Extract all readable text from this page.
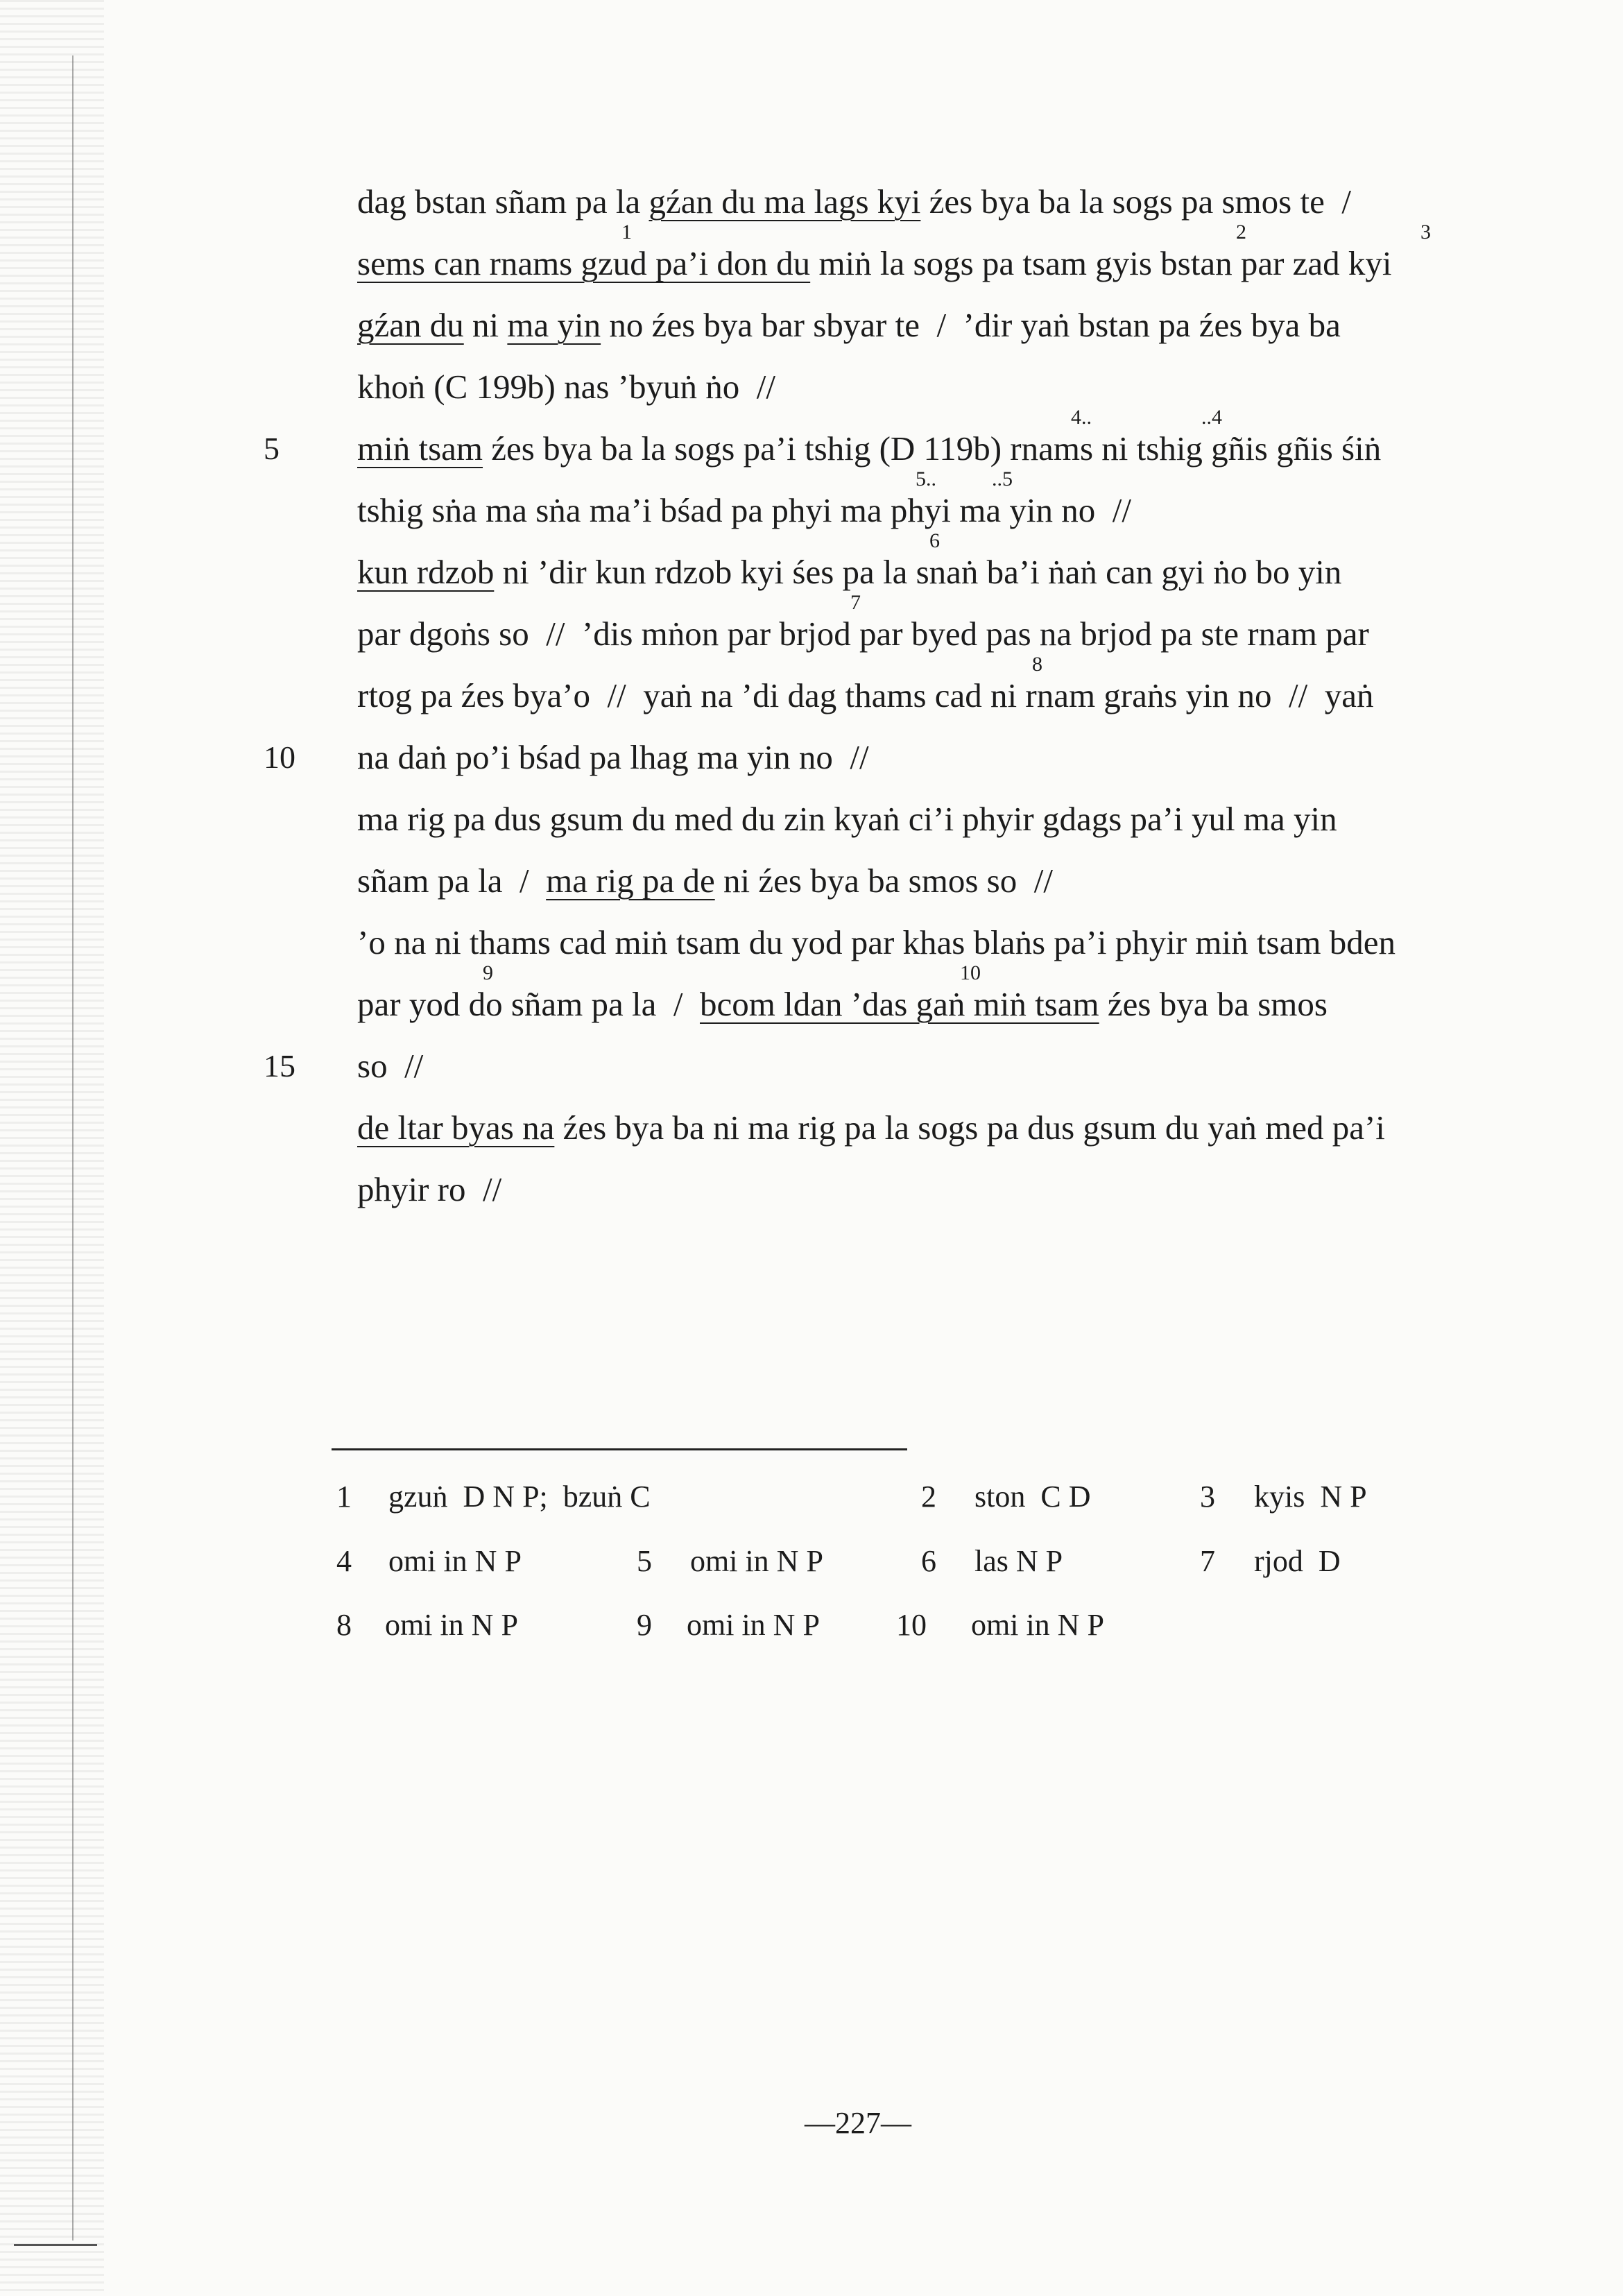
dag bstan sñam pa la gźan du ma lags kyi źes bya ba la sogs pa smos te  /
sems can rnams gzud pa’i don du miṅ la sogs pa tsam gyis bstan par zad kyi
gźan du ni ma yin no źes bya bar sbyar te  /  ’dir yaṅ bstan pa źes bya ba
khoṅ (C 199b) nas ’byuṅ ṅo  //
miṅ tsam źes bya ba la sogs pa’i tshig (D 119b) rnams ni tshig gñis gñis śiṅ
tshig sṅa ma sṅa ma’i bśad pa phyi ma phyi ma yin no  //
kun rdzob ni ’dir kun rdzob kyi śes pa la snaṅ ba’i ṅaṅ can gyi ṅo bo yin
par dgoṅs so  //  ’dis mṅon par brjod par byed pas na brjod pa ste rnam par
rtog pa źes bya’o  //  yaṅ na ’di dag thams cad ni rnam graṅs yin no  //  yaṅ
na daṅ po’i bśad pa lhag ma yin no  //
ma rig pa dus gsum du med du zin kyaṅ ci’i phyir gdags pa’i yul ma yin
sñam pa la  /  ma rig pa de ni źes bya ba smos so  //
’o na ni thams cad miṅ tsam du yod par khas blaṅs pa’i phyir miṅ tsam bden
par yod do sñam pa la  /  bcom ldan ’das gaṅ miṅ tsam źes bya ba smos
so  //
de ltar byas na źes bya ba ni ma rig pa la sogs pa dus gsum du yaṅ med pa’i
phyir ro  //
5
10
15
1	2	3
4..	..4
5..	..5
6
7
8
9	10
1 gzuṅ  D N P;  bzuṅ C	2 ston  C D	3 kyis  N P
4 omi in N P	5 omi in N P	6 las N P	7 rjod  D
8 omi in N P	9 omi in N P	10 omi in N P
—227—
